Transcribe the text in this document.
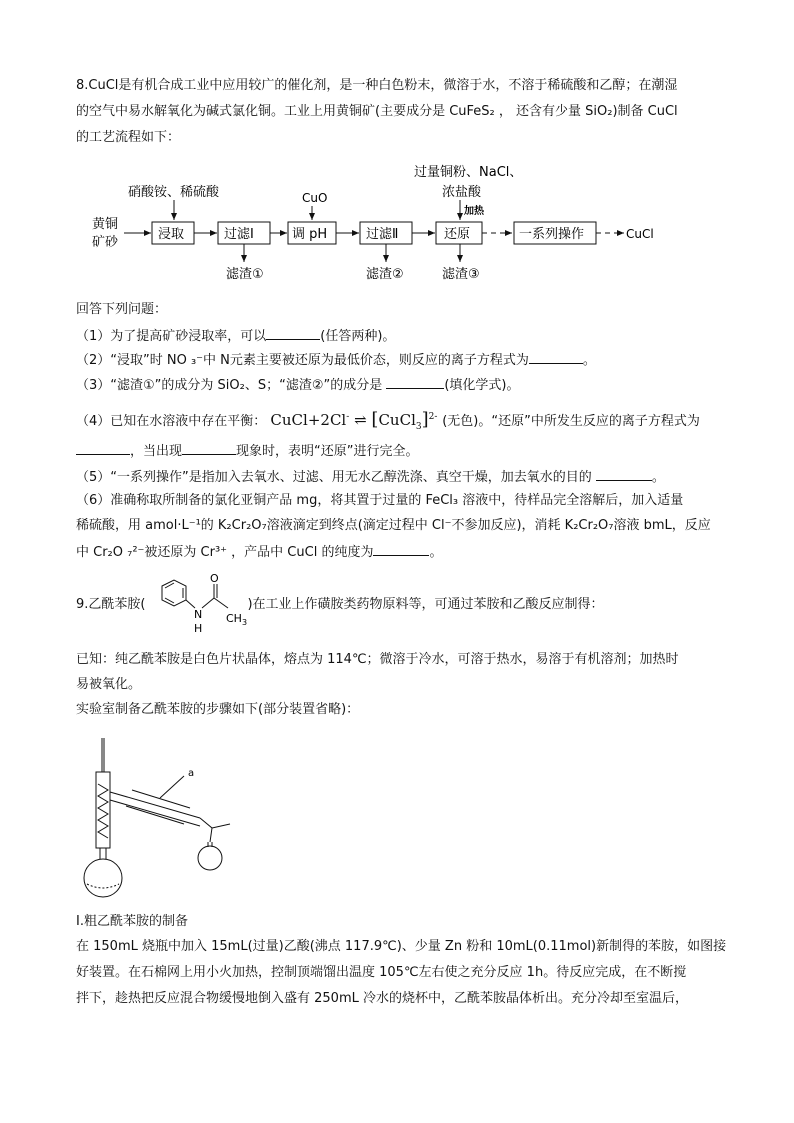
8.CuCl是有机合成工业中应用较广的催化剂，是一种白色粉末，微溶于水，不溶于稀硫酸和乙醇；在潮湿
的空气中易水解氧化为碱式氯化铜。工业上用黄铜矿(主要成分是 CuFeS₂ ， 还含有少量 SiO₂)制备 CuCl
的工艺流程如下：
黄铜
矿砂
硝酸铵、稀硫酸
浸取	过滤Ⅰ
滤渣①
CuO
调 pH	过滤Ⅱ
滤渣②
过量铜粉、NaCl、
浓盐酸
加热
还原
滤渣③
一系列操作	CuCl
回答下列问题：
（1）为了提高矿砂浸取率，可以	(任答两种)。
（2）“浸取”时 NO ₃⁻中 N元素主要被还原为最低价态，则反应的离子方程式为	。
（3）“滤渣①”的成分为 SiO₂、S；“滤渣②”的成分是	(填化学式)。
（4）已知在水溶液中存在平衡： CuCl+2Cl- ⇌ [CuCl$_3$]$^{2-}$ (无色)。“还原”中所发生反应的离子方程式为
，当出现	现象时，表明“还原”进行完全。
（5）“一系列操作”是指加入去氧水、过滤、用无水乙醇洗涤、真空干燥，加去氧水的目的	。
（6）准确称取所制备的氯化亚铜产品 mg，将其置于过量的 FeCl₃ 溶液中，待样品完全溶解后，加入适量
稀硫酸，用 amol·L⁻¹的 K₂Cr₂O₇溶液滴定到终点(滴定过程中 Cl⁻不参加反应)，消耗 K₂Cr₂O₇溶液 bmL，反应
中 Cr₂O ₇²⁻被还原为 Cr³⁺ ，产品中 CuCl 的纯度为	。
9.乙酰苯胺(	)在工业上作磺胺类药物原料等，可通过苯胺和乙酸反应制得：
O
N
H
$CH_3$
已知：纯乙酰苯胺是白色片状晶体，熔点为 114℃；微溶于冷水，可溶于热水，易溶于有机溶剂；加热时
易被氧化。
实验室制备乙酰苯胺的步骤如下(部分装置省略)：
a
Ⅰ.粗乙酰苯胺的制备
在 150mL 烧瓶中加入 15mL(过量)乙酸(沸点 117.9℃)、少量 Zn 粉和 10mL(0.11mol)新制得的苯胺，如图接
好装置。在石棉网上用小火加热，控制顶端馏出温度 105℃左右使之充分反应 1h。待反应完成，在不断搅
拌下，趁热把反应混合物缓慢地倒入盛有 250mL 冷水的烧杯中，乙酰苯胺晶体析出。充分冷却至室温后，
